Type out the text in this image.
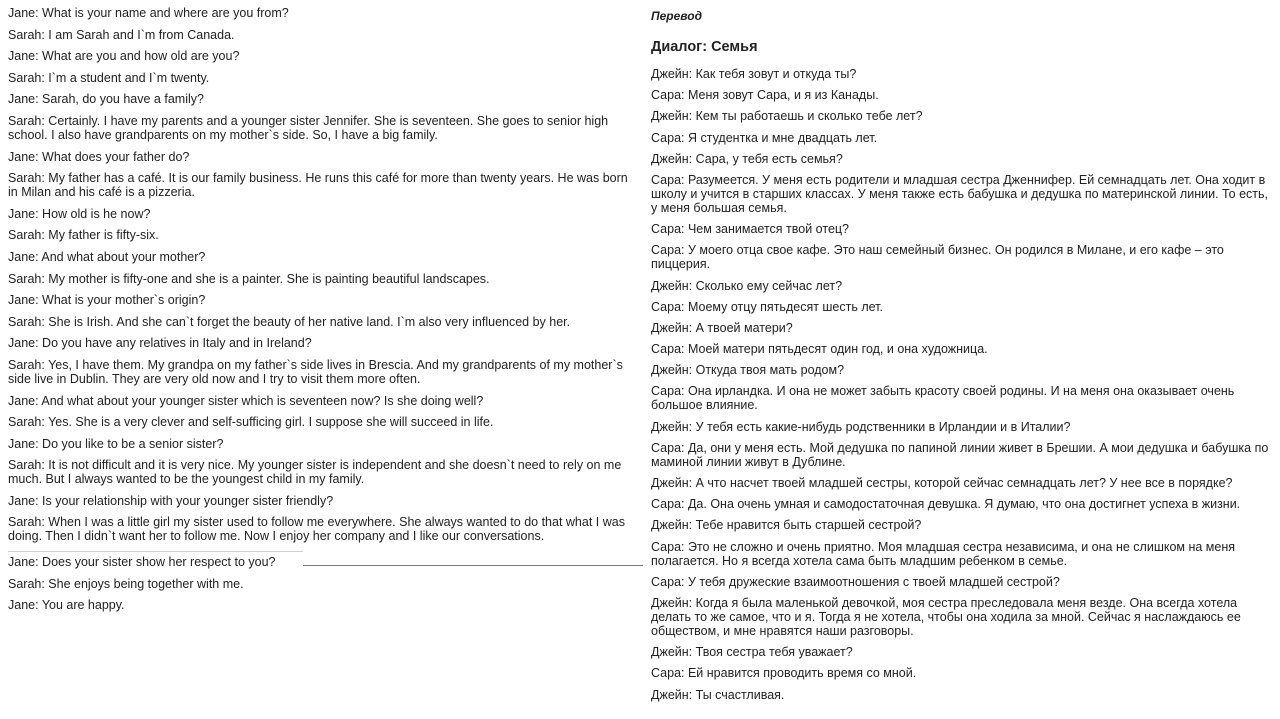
Jane: What is your name and where are you from?
Sarah: I am Sarah and I`m from Canada.
Jane: What are you and how old are you?
Sarah: I`m a student and I`m twenty.
Jane: Sarah, do you have a family?
Sarah: Certainly. I have my parents and a younger sister Jennifer. She is seventeen. She goes to senior high school. I also have grandparents on my mother`s side. So, I have a big family.
Jane: What does your father do?
Sarah: My father has a café. It is our family business. He runs this café for more than twenty years. He was born in Milan and his café is a pizzeria.
Jane: How old is he now?
Sarah: My father is fifty-six.
Jane: And what about your mother?
Sarah: My mother is fifty-one and she is a painter. She is painting beautiful landscapes.
Jane: What is your mother`s origin?
Sarah: She is Irish. And she can`t forget the beauty of her native land. I`m also very influenced by her.
Jane: Do you have any relatives in Italy and in Ireland?
Sarah: Yes, I have them. My grandpa on my father`s side lives in Brescia. And my grandparents of my mother`s side live in Dublin. They are very old now and I try to visit them more often.
Jane: And what about your younger sister which is seventeen now? Is she doing well?
Sarah: Yes. She is a very clever and self-sufficing girl. I suppose she will succeed in life.
Jane: Do you like to be a senior sister?
Sarah: It is not difficult and it is very nice. My younger sister is independent and she doesn`t need to rely on me much. But I always wanted to be the youngest child in my family.
Jane: Is your relationship with your younger sister friendly?
Sarah: When I was a little girl my sister used to follow me everywhere. She always wanted to do that what I was doing. Then I didn`t want her to follow me. Now I enjoy her company and I like our conversations.
Jane: Does your sister show her respect to you?
Sarah: She enjoys being together with me.
Jane: You are happy.
Перевод
Диалог: Семья
Джейн: Как тебя зовут и откуда ты?
Сара: Меня зовут Сара, и я из Канады.
Джейн: Кем ты работаешь и сколько тебе лет?
Сара: Я студентка и мне двадцать лет.
Джейн: Сара, у тебя есть семья?
Сара: Разумеется. У меня есть родители и младшая сестра Дженнифер. Ей семнадцать лет. Она ходит в школу и учится в старших классах. У меня также есть бабушка и дедушка по материнской линии. То есть, у меня большая семья.
Сара: Чем занимается твой отец?
Сара: У моего отца свое кафе. Это наш семейный бизнес. Он родился в Милане, и его кафе – это пиццерия.
Джейн: Сколько ему сейчас лет?
Сара: Моему отцу пятьдесят шесть лет.
Джейн: А твоей матери?
Сара: Моей матери пятьдесят один год, и она художница.
Джейн: Откуда твоя мать родом?
Сара: Она ирландка. И она не может забыть красоту своей родины. И на меня она оказывает очень большое влияние.
Джейн: У тебя есть какие-нибудь родственники в Ирландии и в Италии?
Сара: Да, они у меня есть. Мой дедушка по папиной линии живет в Брешии. А мои дедушка и бабушка по маминой линии живут в Дублине.
Джейн: А что насчет твоей младшей сестры, которой сейчас семнадцать лет? У нее все в порядке?
Сара: Да. Она очень умная и самодостаточная девушка. Я думаю, что она достигнет успеха в жизни.
Джейн: Тебе нравится быть старшей сестрой?
Сара: Это не сложно и очень приятно. Моя младшая сестра независима, и она не слишком на меня полагается. Но я всегда хотела сама быть младшим ребенком в семье.
Сара: У тебя дружеские взаимоотношения с твоей младшей сестрой?
Джейн: Когда я была маленькой девочкой, моя сестра преследовала меня везде. Она всегда хотела делать то же самое, что и я. Тогда я не хотела, чтобы она ходила за мной. Сейчас я наслаждаюсь ее обществом, и мне нравятся наши разговоры.
Джейн: Твоя сестра тебя уважает?
Сара: Ей нравится проводить время со мной.
Джейн: Ты счастливая.
